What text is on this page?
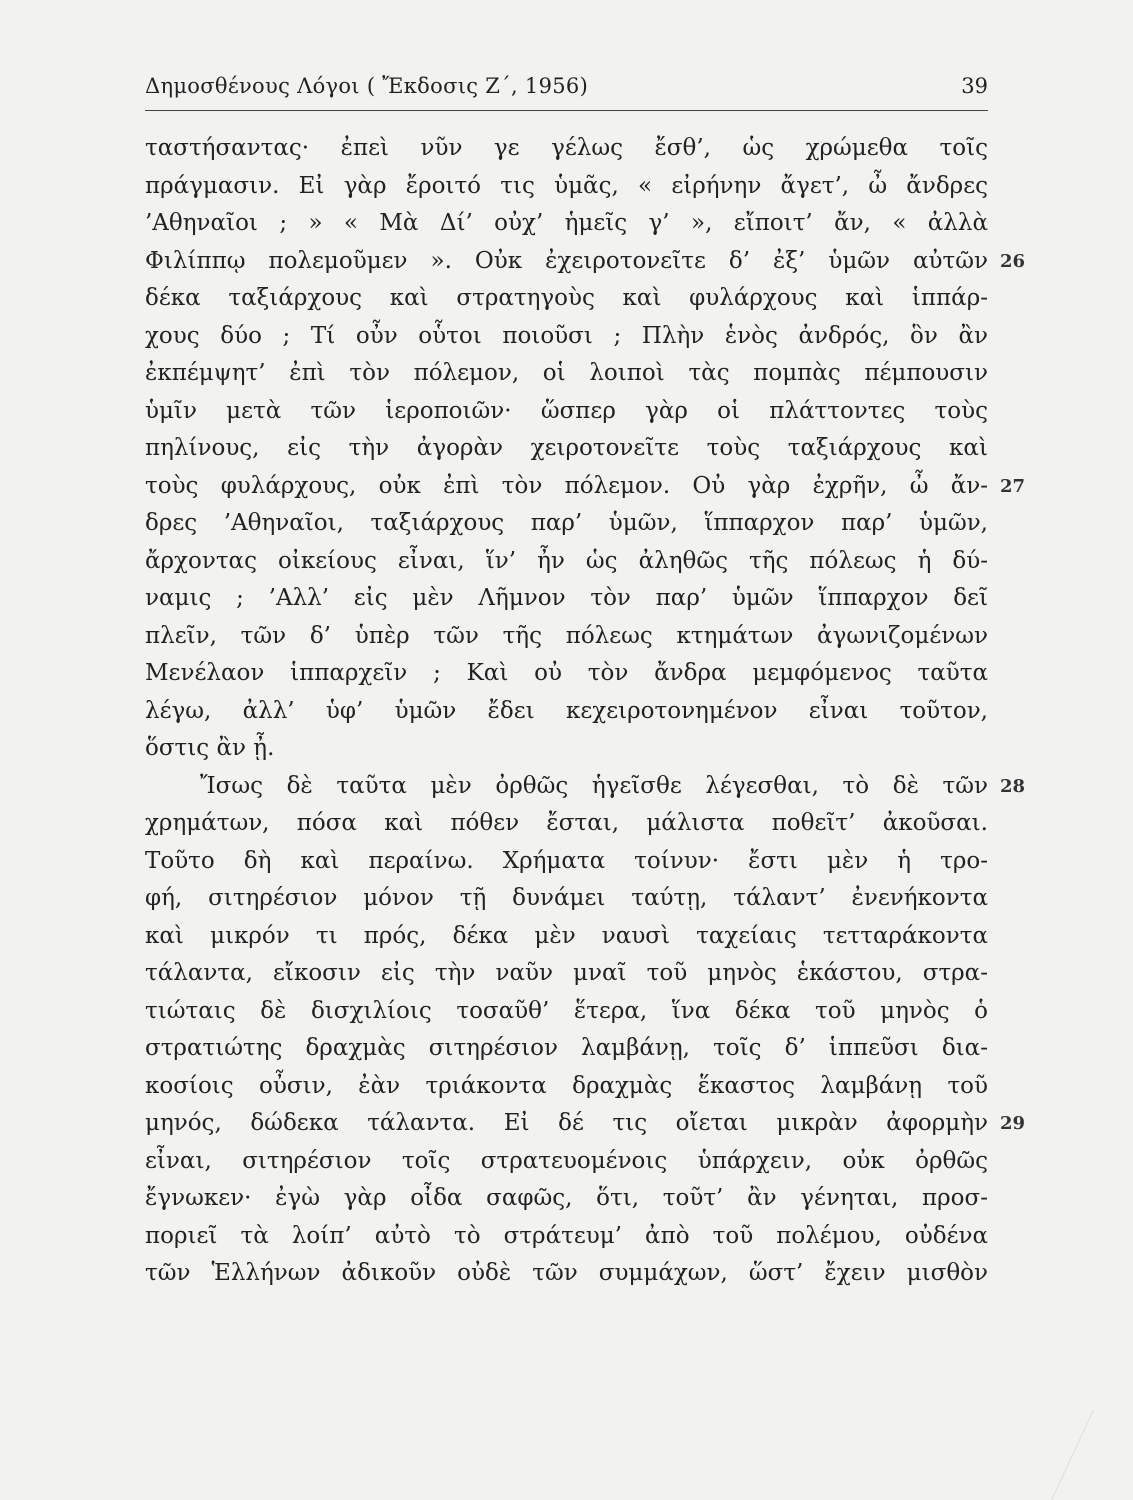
Δημοσθένους Λόγοι ( Ἔκδοσις Ζ΄, 1956)	39
ταστήσαντας· ἐπεὶ νῦν γε γέλως ἔσθ’, ὡς χρώμεθα τοῖς
πράγμασιν. Εἰ γὰρ ἔροιτό τις ὑμᾶς, « εἰρήνην ἄγετ’, ὦ ἄνδρες
’Αθηναῖοι ; » « Μὰ Δί’ οὐχ’ ἡμεῖς γ’ », εἴποιτ’ ἄν, « ἀλλὰ
Φιλίππῳ πολεμοῦμεν ». Οὐκ ἐχειροτονεῖτε δ’ ἐξ’ ὑμῶν αὐτῶν 26
δέκα ταξιάρχους καὶ στρατηγοὺς καὶ φυλάρχους καὶ ἱππάρ-
χους δύο ; Τί οὖν οὗτοι ποιοῦσι ; Πλὴν ἑνὸς ἀνδρός, ὃν ἂν
ἐκπέμψητ’ ἐπὶ τὸν πόλεμον, οἱ λοιποὶ τὰς πομπὰς πέμπουσιν
ὑμῖν μετὰ τῶν ἱεροποιῶν· ὥσπερ γὰρ οἱ πλάττοντες τοὺς
πηλίνους, εἰς τὴν ἀγορὰν χειροτονεῖτε τοὺς ταξιάρχους καὶ
τοὺς φυλάρχους, οὐκ ἐπὶ τὸν πόλεμον. Οὐ γὰρ ἐχρῆν, ὦ ἄν- 27
δρες ’Αθηναῖοι, ταξιάρχους παρ’ ὑμῶν, ἵππαρχον παρ’ ὑμῶν,
ἄρχοντας οἰκείους εἶναι, ἵν’ ἦν ὡς ἀληθῶς τῆς πόλεως ἡ δύ-
ναμις ; ’Αλλ’ εἰς μὲν Λῆμνον τὸν παρ’ ὑμῶν ἵππαρχον δεῖ
πλεῖν, τῶν δ’ ὑπὲρ τῶν τῆς πόλεως κτημάτων ἀγωνιζομένων
Μενέλαον ἱππαρχεῖν ; Καὶ οὐ τὸν ἄνδρα μεμφόμενος ταῦτα
λέγω, ἀλλ’ ὑφ’ ὑμῶν ἔδει κεχειροτονημένον εἶναι τοῦτον,
ὅστις ἂν ᾖ.
Ἴσως δὲ ταῦτα μὲν ὀρθῶς ἡγεῖσθε λέγεσθαι, τὸ δὲ τῶν 28
χρημάτων, πόσα καὶ πόθεν ἔσται, μάλιστα ποθεῖτ’ ἀκοῦσαι.
Τοῦτο δὴ καὶ περαίνω. Χρήματα τοίνυν· ἔστι μὲν ἡ τρο-
φή, σιτηρέσιον μόνον τῇ δυνάμει ταύτῃ, τάλαντ’ ἐνενήκοντα
καὶ μικρόν τι πρός, δέκα μὲν ναυσὶ ταχείαις τετταράκοντα
τάλαντα, εἴκοσιν εἰς τὴν ναῦν μναῖ τοῦ μηνὸς ἑκάστου, στρα-
τιώταις δὲ δισχιλίοις τοσαῦθ’ ἕτερα, ἵνα δέκα τοῦ μηνὸς ὁ
στρατιώτης δραχμὰς σιτηρέσιον λαμβάνῃ, τοῖς δ’ ἱππεῦσι δια-
κοσίοις οὖσιν, ἐὰν τριάκοντα δραχμὰς ἕκαστος λαμβάνῃ τοῦ
μηνός, δώδεκα τάλαντα. Εἰ δέ τις οἴεται μικρὰν ἀφορμὴν 29
εἶναι, σιτηρέσιον τοῖς στρατευομένοις ὑπάρχειν, οὐκ ὀρθῶς
ἔγνωκεν· ἐγὼ γὰρ οἶδα σαφῶς, ὅτι, τοῦτ’ ἂν γένηται, προσ-
ποριεῖ τὰ λοίπ’ αὐτὸ τὸ στράτευμ’ ἀπὸ τοῦ πολέμου, οὐδένα
τῶν Ἑλλήνων ἀδικοῦν οὐδὲ τῶν συμμάχων, ὥστ’ ἔχειν μισθὸν
